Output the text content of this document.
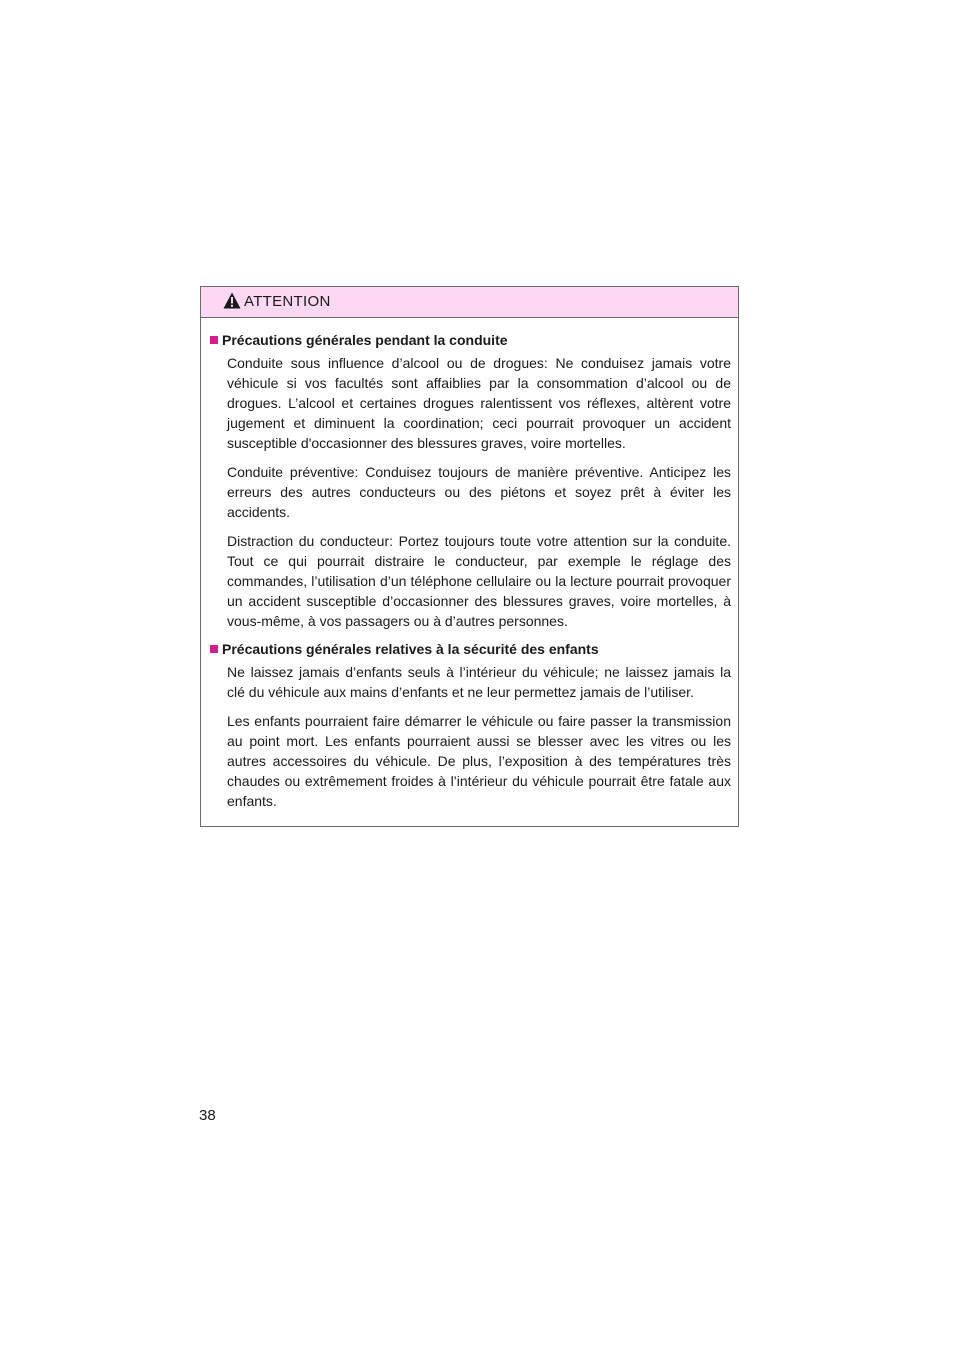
ATTENTION
Précautions générales pendant la conduite

Conduite sous influence d’alcool ou de drogues: Ne conduisez jamais votre véhicule si vos facultés sont affaiblies par la consommation d’alcool ou de drogues. L’alcool et certaines drogues ralentissent vos réflexes, altèrent votre jugement et diminuent la coordination; ceci pourrait provoquer un accident susceptible d'occasionner des blessures graves, voire mortelles.

Conduite préventive: Conduisez toujours de manière préventive. Anticipez les erreurs des autres conducteurs ou des piétons et soyez prêt à éviter les accidents.

Distraction du conducteur: Portez toujours toute votre attention sur la conduite. Tout ce qui pourrait distraire le conducteur, par exemple le réglage des commandes, l’utilisation d’un téléphone cellulaire ou la lecture pourrait provoquer un accident susceptible d’occasionner des blessures graves, voire mortelles, à vous-même, à vos passagers ou à d’autres personnes.

Précautions générales relatives à la sécurité des enfants

Ne laissez jamais d’enfants seuls à l’intérieur du véhicule; ne laissez jamais la clé du véhicule aux mains d’enfants et ne leur permettez jamais de l’utiliser.

Les enfants pourraient faire démarrer le véhicule ou faire passer la transmission au point mort. Les enfants pourraient aussi se blesser avec les vitres ou les autres accessoires du véhicule. De plus, l’exposition à des températures très chaudes ou extrêmement froides à l’intérieur du véhicule pourrait être fatale aux enfants.

38
